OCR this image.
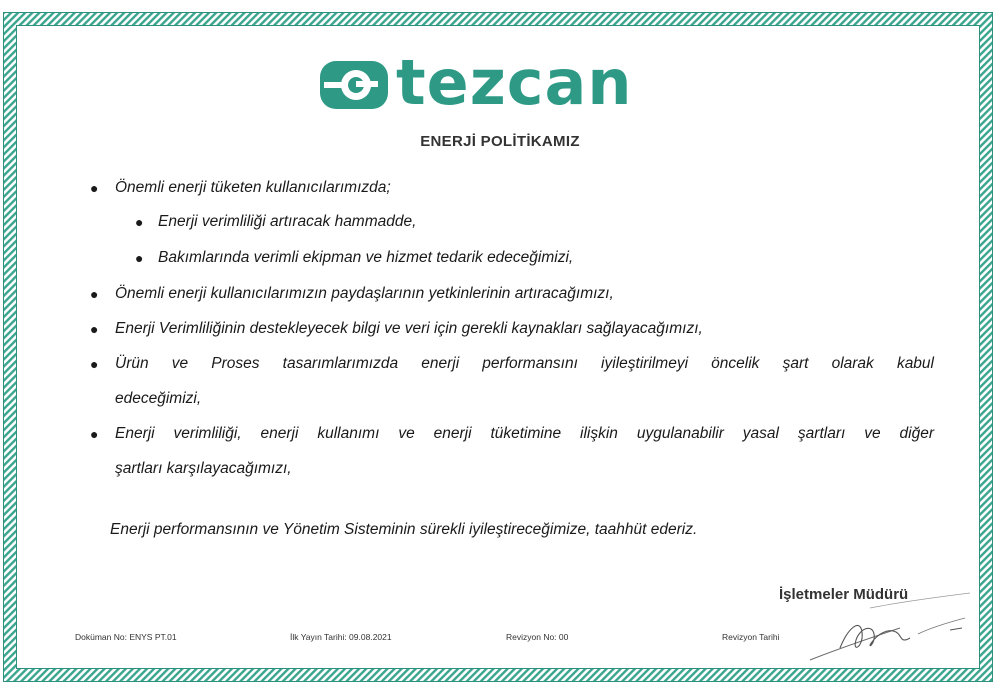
tezcan
ENERJİ POLİTİKAMIZ
● Önemli enerji tüketen kullanıcılarımızda;
● Enerji verimliliği artıracak hammadde,
● Bakımlarında verimli ekipman ve hizmet tedarik edeceğimizi,
● Önemli enerji kullanıcılarımızın paydaşlarının yetkinlerinin artıracağımızı,
● Enerji Verimliliğinin destekleyecek bilgi ve veri için gerekli kaynakları sağlayacağımızı,
● Ürün ve Proses tasarımlarımızda enerji performansını iyileştirilmeyi öncelik şart olarak kabul
edeceğimizi,
● Enerji verimliliği, enerji kullanımı ve enerji tüketimine ilişkin uygulanabilir yasal şartları ve diğer
şartları karşılayacağımızı,
Enerji performansının ve Yönetim Sisteminin sürekli iyileştireceğimize, taahhüt ederiz.
İşletmeler Müdürü
Doküman No: ENYS PT.01	İlk Yayın Tarihi: 09.08.2021	Revizyon No: 00	Revizyon Tarihi
